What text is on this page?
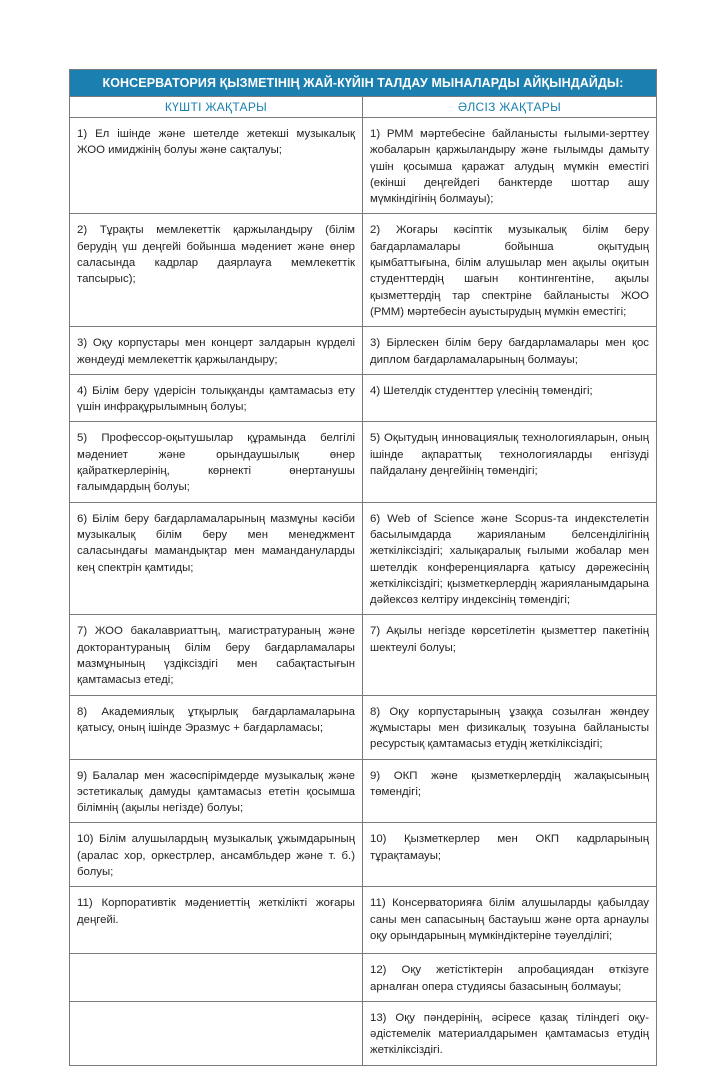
КОНСЕРВАТОРИЯ ҚЫЗМЕТІНІҢ ЖАЙ-КҮЙІН ТАЛДАУ МЫНАЛАРДЫ АЙҚЫНДАЙДЫ:	
КҮШТІ ЖАҚТАРЫ	ӘЛСІЗ ЖАҚТАРЫ
1) Ел ішінде және шетелде жетекші музыкалық ЖОО имиджінің болуы және сақталуы;	1) РММ мәртебесіне байланысты ғылыми-зерттеу жобаларын қаржыландыру және ғылымды дамыту үшін қосымша қаражат алудың мүмкін еместігі (екінші деңгейдегі банктерде шоттар ашу мүмкіндігінің болмауы);
2) Тұрақты мемлекеттік қаржыландыру (білім берудің үш деңгейі бойынша мәдениет және өнер саласында кадрлар даярлауға мемлекеттік тапсырыс);	2) Жоғары кәсіптік музыкалық білім беру бағдарламалары бойынша оқытудың қымбаттығына, білім алушылар мен ақылы оқитын студенттердің шағын контингентіне, ақылы қызметтердің тар спектріне байланысты ЖОО (РММ) мәртебесін ауыстырудың мүмкін еместігі;
3) Оқу корпустары мен концерт залдарын күрделі жөндеуді мемлекеттік қаржыландыру;	3) Бірлескен білім беру бағдарламалары мен қос диплом бағдарламаларының болмауы;
4) Білім беру үдерісін толыққанды қамтамасыз ету үшін инфрақұрылымның болуы;	4) Шетелдік студенттер үлесінің төмендігі;
5) Профессор-оқытушылар құрамында белгілі мәдениет және орындаушылық өнер қайраткерлерінің, көрнекті өнертанушы ғалымдардың болуы;	5) Оқытудың инновациялық технологияларын, оның ішінде ақпараттық технологияларды енгізуді пайдалану деңгейінің төмендігі;
6) Білім беру бағдарламаларының мазмұны кәсіби музыкалық білім беру мен менеджмент саласындағы мамандықтар мен мамандануларды кең спектрін қамтиды;	6) Web of Science және Scopus-та индекстелетін басылымдарда жарияланым белсенділігінің жеткіліксіздігі; халықаралық ғылыми жобалар мен шетелдік конференцияларға қатысу дәрежесінің жеткіліксіздігі; қызметкерлердің жарияланымдарына дәйексөз келтіру индексінің төмендігі;
7) ЖОО бакалавриаттың, магистратураның және докторантураның білім беру бағдарламалары мазмұнының үздіксіздігі мен сабақтастығын қамтамасыз етеді;	7) Ақылы негізде көрсетілетін қызметтер пакетінің шектеулі болуы;
8) Академиялық ұтқырлық бағдарламаларына қатысу, оның ішінде Эразмус + бағдарламасы;	8) Оқу корпустарының ұзаққа созылған жөндеу жұмыстары мен физикалық тозуына байланысты ресурстық қамтамасыз етудің жеткіліксіздігі;
9) Балалар мен жасөспірімдерде музыкалық және эстетикалық дамуды қамтамасыз ететін қосымша білімнің (ақылы негізде) болуы;	9) ОКП және қызметкерлердің жалақысының төмендігі;
10) Білім алушылардың музыкалық ұжымдарының (аралас хор, оркестрлер, ансамбльдер және т. б.) болуы;	10) Қызметкерлер мен ОКП кадрларының тұрақтамауы;
11) Корпоративтік мәдениеттің жеткілікті жоғары деңгейі.	11) Консерваторияға білім алушыларды қабылдау саны мен сапасының бастауыш және орта арнаулы оқу орындарының мүмкіндіктеріне тәуелділігі;
	12) Оқу жетістіктерін апробациядан өткізуге арналған опера студиясы базасының болмауы;
	13) Оқу пәндерінің, әсіресе қазақ тіліндегі оқу-әдістемелік материалдарымен қамтамасыз етудің жеткіліксіздігі.
